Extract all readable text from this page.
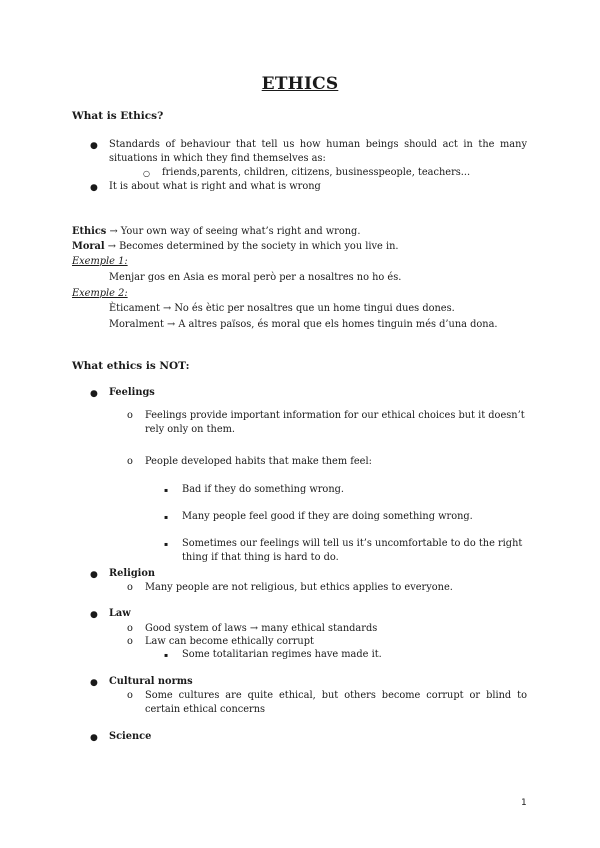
ETHICS
What is Ethics?
● Standards of behaviour that tell us how human beings should act in the many situations in which they find themselves as:
○ friends,parents, children, citizens, businesspeople, teachers...
● It is about what is right and what is wrong
Ethics → Your own way of seeing what’s right and wrong.
Moral → Becomes determined by the society in which you live in.
Exemple 1:
Menjar gos en Asia es moral però per a nosaltres no ho és.
Exemple 2:
Èticament → No és ètic per nosaltres que un home tingui dues dones.
Moralment → A altres països, és moral que els homes tinguin més d’una dona.
What ethics is NOT:
● Feelings
o Feelings provide important information for our ethical choices but it doesn’t rely only on them.
o People developed habits that make them feel:
▪ Bad if they do something wrong.
▪ Many people feel good if they are doing something wrong.
▪ Sometimes our feelings will tell us it’s uncomfortable to do the right thing if that thing is hard to do.
● Religion
o Many people are not religious, but ethics applies to everyone.
● Law
o Good system of laws → many ethical standards
o Law can become ethically corrupt
▪ Some totalitarian regimes have made it.
● Cultural norms
o Some cultures are quite ethical, but others become corrupt or blind to certain ethical concerns
● Science
1
